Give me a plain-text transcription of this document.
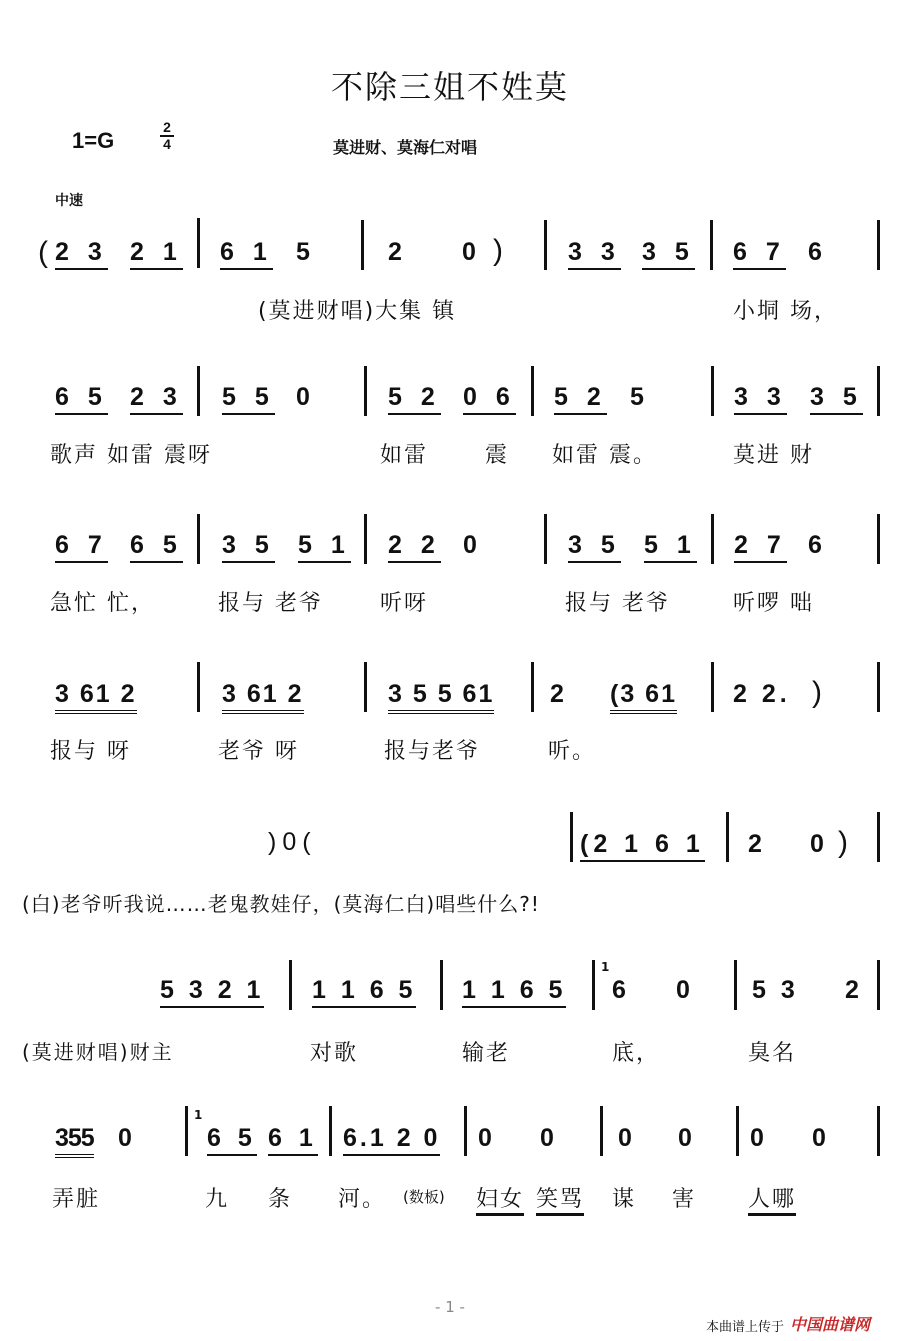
不除三姐不姓莫
1=G
2
4	莫进财、莫海仁对唱
中速
( 2 3 2 1 6 1 5	2 0 ) 3 3 3 5 6 7 6
(莫进财唱)大集 镇	小垌 场，
6 5 2 3 5 5 0	5 2 0 6 5 2 5	3 3 3 5
歌声 如雷 震呀	如雷	震 如雷 震。	莫进 财
6 7 6 5 3 5 5 1 2 2 0	3 5 5 1 2 7 6
急忙 忙，	报与 老爷	听呀	报与 老爷	听啰 咄
3 61 2	3 61 2	3 5 5 61 2 (3 61 2 2. )
报与 呀	老爷 呀	报与老爷	听。
)0(	(2 1 6 1 2 0 )
(白)老爷听我说……老鬼教娃仔，(莫海仁白)唱些什么?!
5 3 2 1 1 1 6 5 1 1 6 5
1
6 0 5 3 2
(莫进财唱)财主	对歌	输老	底，	臭名
355 0
1
6 5 6 1 6.1 2 0 0 0 0 0 0 0
弄脏	九 条 河。 (数板) 妇女 笑骂 谋 害 人哪
- 1 -
本曲谱上传于 中国曲谱网
